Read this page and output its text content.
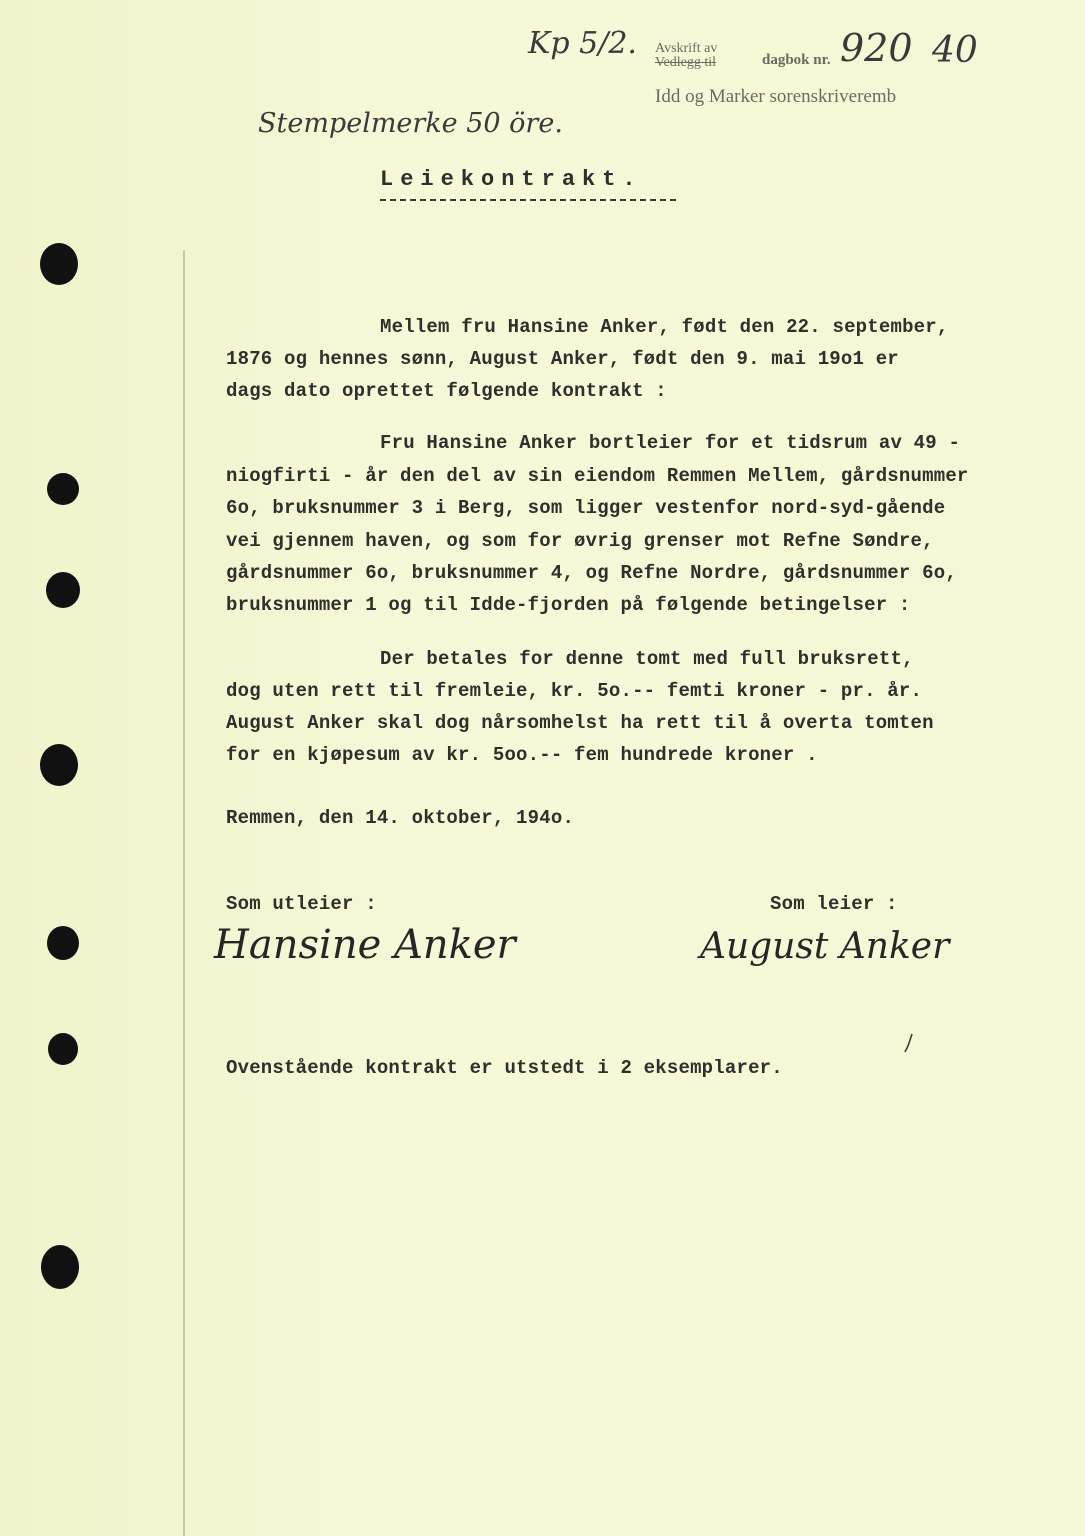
Kp 5/2. Avskrift av
Vedlegg til	dagbok nr. 920 40
Idd og Marker sorenskriveremb
Stempelmerke 50 öre.
Leiekontrakt.
Mellem fru Hansine Anker, født den 22. september,
1876 og hennes sønn, August Anker, født den 9. mai 19o1 er
dags dato oprettet følgende kontrakt :
Fru Hansine Anker bortleier for et tidsrum av 49 -
niogfirti - år den del av sin eiendom Remmen Mellem, gårdsnummer
6o, bruksnummer 3 i Berg, som ligger vestenfor nord-syd-gående
vei gjennem haven, og som for øvrig grenser mot Refne Søndre,
gårdsnummer 6o, bruksnummer 4, og Refne Nordre, gårdsnummer 6o,
bruksnummer 1 og til Idde-fjorden på følgende betingelser :
Der betales for denne tomt med full bruksrett,
dog uten rett til fremleie, kr. 5o.-- femti kroner - pr. år.
August Anker skal dog nårsomhelst ha rett til å overta tomten
for en kjøpesum av kr. 5oo.-- fem hundrede kroner .
Remmen, den 14. oktober, 194o.
Som utleier :	Som leier :
Hansine Anker	August Anker
Ovenstående kontrakt er utstedt i 2 eksemplarer.
